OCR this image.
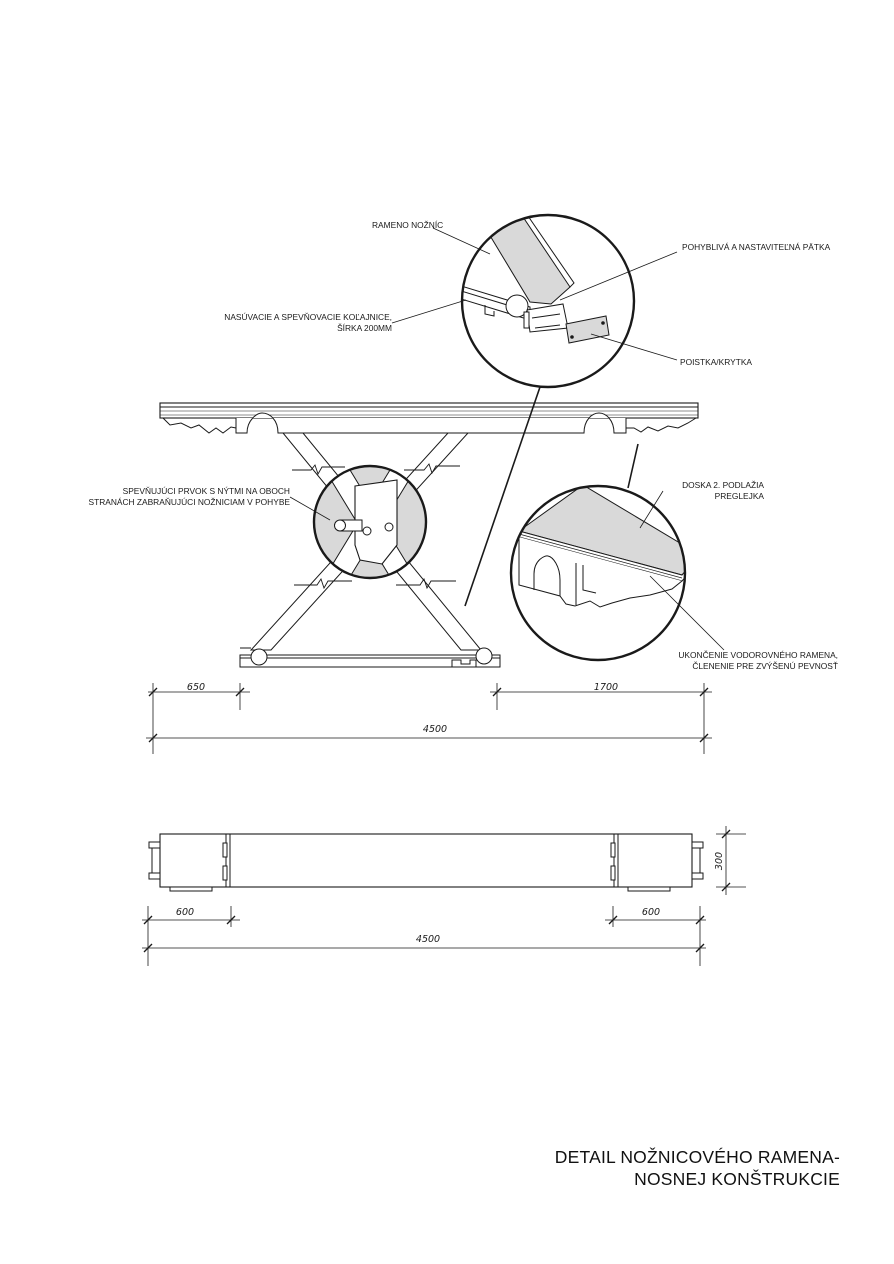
RAMENO NOŽNÍC
POHYBLIVÁ A NASTAVITEĽNÁ PÄTKA
NASÚVACIE A SPEVŇOVACIE KOĽAJNICE,
ŠÍRKA 200MM
POISTKA/KRYTKA
SPEVŇUJÚCI PRVOK S NÝTMI NA OBOCH
STRANÁCH ZABRAŇUJÚCI NOŽNICIAM V POHYBE
DOSKA 2. PODLAŽIA
PREGLEJKA
UKONČENIE VODOROVNÉHO RAMENA,
ČLENENIE PRE ZVÝŠENÚ PEVNOSŤ
650	1700
4500
600	600
4500
300
DETAIL NOŽNICOVÉHO RAMENA-
NOSNEJ KONŠTRUKCIE
